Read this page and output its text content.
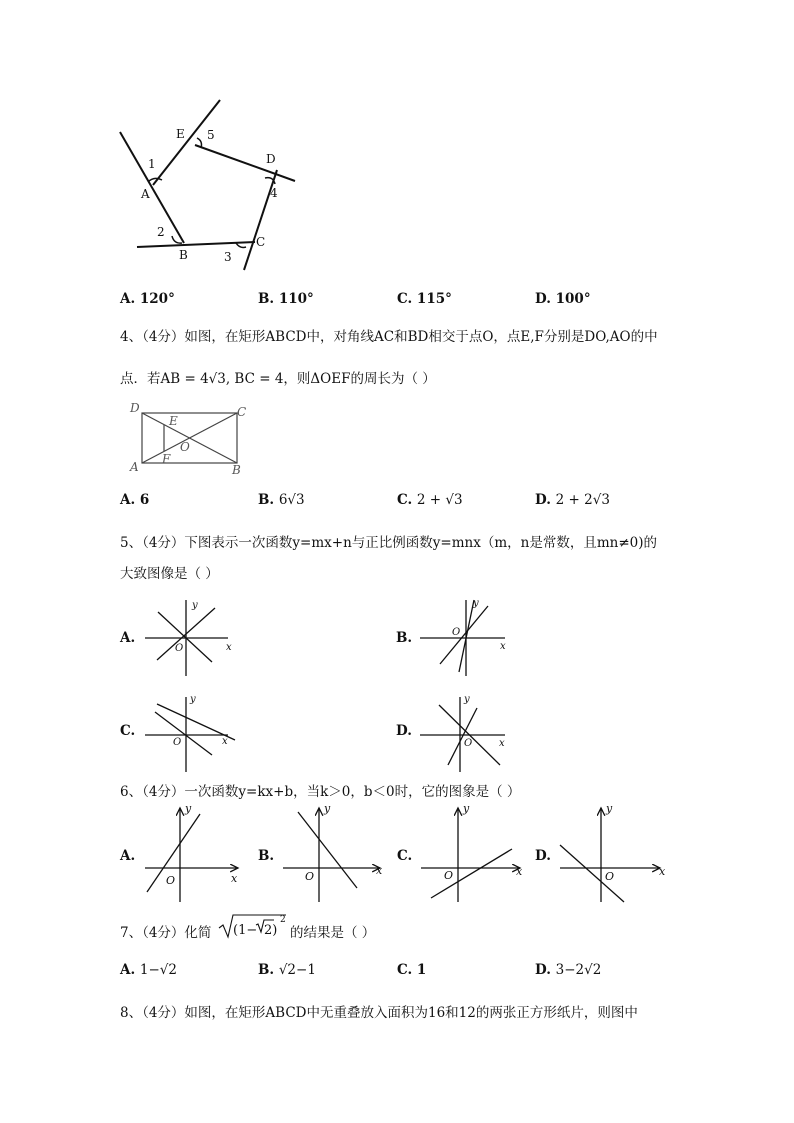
E 5
1	D
A	4
2
C
B	3
A. 120°	B. 110°	C. 115°	D. 100°
4、（4分）如图，在矩形ABCD中，对角线AC和BD相交于点O，点E,F分别是DO,AO的中
点．若AB = 4√3, BC = 4，则ΔOEF的周长为（ ）
D	C
E
O
A
F
B
A. 6	B. 6√3	C. 2 + √3	D. 2 + 2√3
5、（4分）下图表示一次函数y=mx+n与正比例函数y=mnx（m，n是常数，且mn≠0)的
大致图像是（ ）
A.	B.
C.	D.
y
x
O
y
x
O
y
x
O
y
x
O
6、（4分）一次函数y=kx+b，当k＞0，b＜0时，它的图象是（ ）
A.	B.	C.	D.
y
x
O
y
x
O
y
x
O
y
x
O
7、（4分）化简 (1− 2)
2
的结果是（ ）
A. 1−√2	B. √2−1	C. 1	D. 3−2√2
8、（4分）如图，在矩形ABCD中无重叠放入面积为16和12的两张正方形纸片，则图中
